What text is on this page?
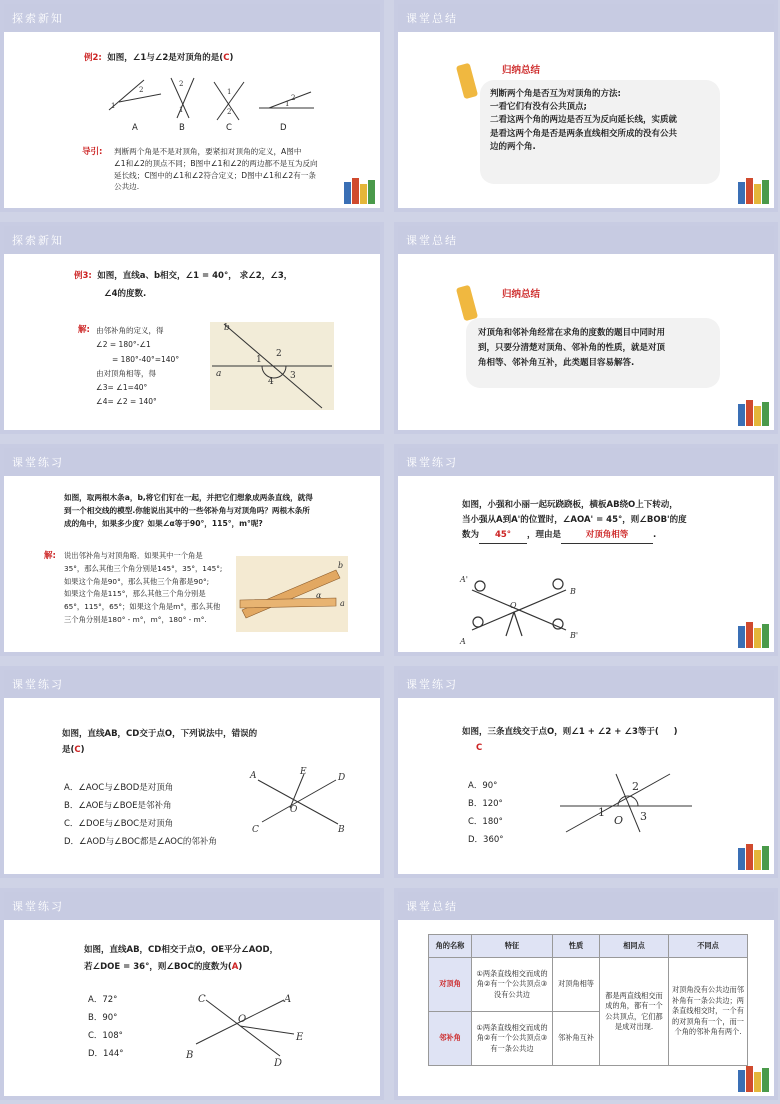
探索新知
例2: 如图，∠1与∠2是对顶角的是(C)
1
2
2
1
1
2
1
2
A	B	C	D
导引: 判断两个角是不是对顶角，要紧扣对顶角的定义，A图中
∠1和∠2的顶点不同；B图中∠1和∠2的两边都不是互为反向
延长线；C图中的∠1和∠2符合定义；D图中∠1和∠2有一条
公共边.
课堂总结
归纳总结
判断两个角是否互为对顶角的方法:
一看它们有没有公共顶点;
二看这两个角的两边是否互为反向延长线，实质就
是看这两个角是否是两条直线相交所成的没有公共
边的两个角.
探索新知
例3: 如图，直线a、b相交，∠1 = 40°， 求∠2，∠3，
∠4的度数.
解: 由邻补角的定义，得
∠2 = 180°-∠1
= 180°-40°=140°
由对顶角相等，得
∠3= ∠1=40°
∠4= ∠2 = 140°
a
b
1
2
3
4
课堂总结
归纳总结
对顶角和邻补角经常在求角的度数的题目中同时用
到，只要分清楚对顶角、邻补角的性质，就是对顶
角相等、邻补角互补，此类题目容易解答.
课堂练习
如图，取两根木条a，b,将它们钉在一起，并把它们想象成两条直线，就得
到一个相交线的模型.你能说出其中的一些邻补角与对顶角吗？两根木条所
成的角中，如果多少度？如果∠α等于90°，115°，m°呢?
解: 说出邻补角与对顶角略．如果其中一个角是
35°，那么其他三个角分别是145°，35°，145°;
如果这个角是90°，那么其他三个角都是90°;
如果这个角是115°，那么其他三个角分别是
65°，115°，65°；如果这个角是m°，那么其他
三个角分别是180° - m°，m°，180° - m°.
b
a
α
课堂练习
如图，小强和小丽一起玩跷跷板，横板AB绕O上下转动，
当小强从A到A'的位置时，∠AOA' = 45°，则∠BOB'的度
数为 45° ，理由是	对顶角相等	.
A'
A
B
B'
O
课堂练习
如图，直线AB，CD交于点O，下列说法中，错误的
是(C)
A．∠AOC与∠BOD是对顶角
B．∠AOE与∠BOE是邻补角
C．∠DOE与∠BOC是对顶角
D．∠AOD与∠BOC都是∠AOC的邻补角
A	E
D
O
C	B
课堂练习
如图，三条直线交于点O，则∠1 + ∠2 + ∠3等于( )
C
A．90°
B．120°
C．180°
D．360°
1
2
3
O
课堂练习
如图，直线AB，CD相交于点O，OE平分∠AOD，
若∠DOE = 36°，则∠BOC的度数为(A)
A．72°
B．90°
C．108°
D．144°
C	A
O
E
B
D
课堂总结
角的名称	特征	性质	相同点	不同点
对顶角	①两条直线相交而成的角②有一个公共顶点③没有公共边	对顶角相等	都是两直线相交而成的角，都有一个公共顶点，它们都是成对出现.	对顶角没有公共边而邻补角有一条公共边；两条直线相交时，一个有的对顶角有一个，而一个角的邻补角有两个.
邻补角	①两条直线相交而成的角②有一个公共顶点③有一条公共边	邻补角互补		
